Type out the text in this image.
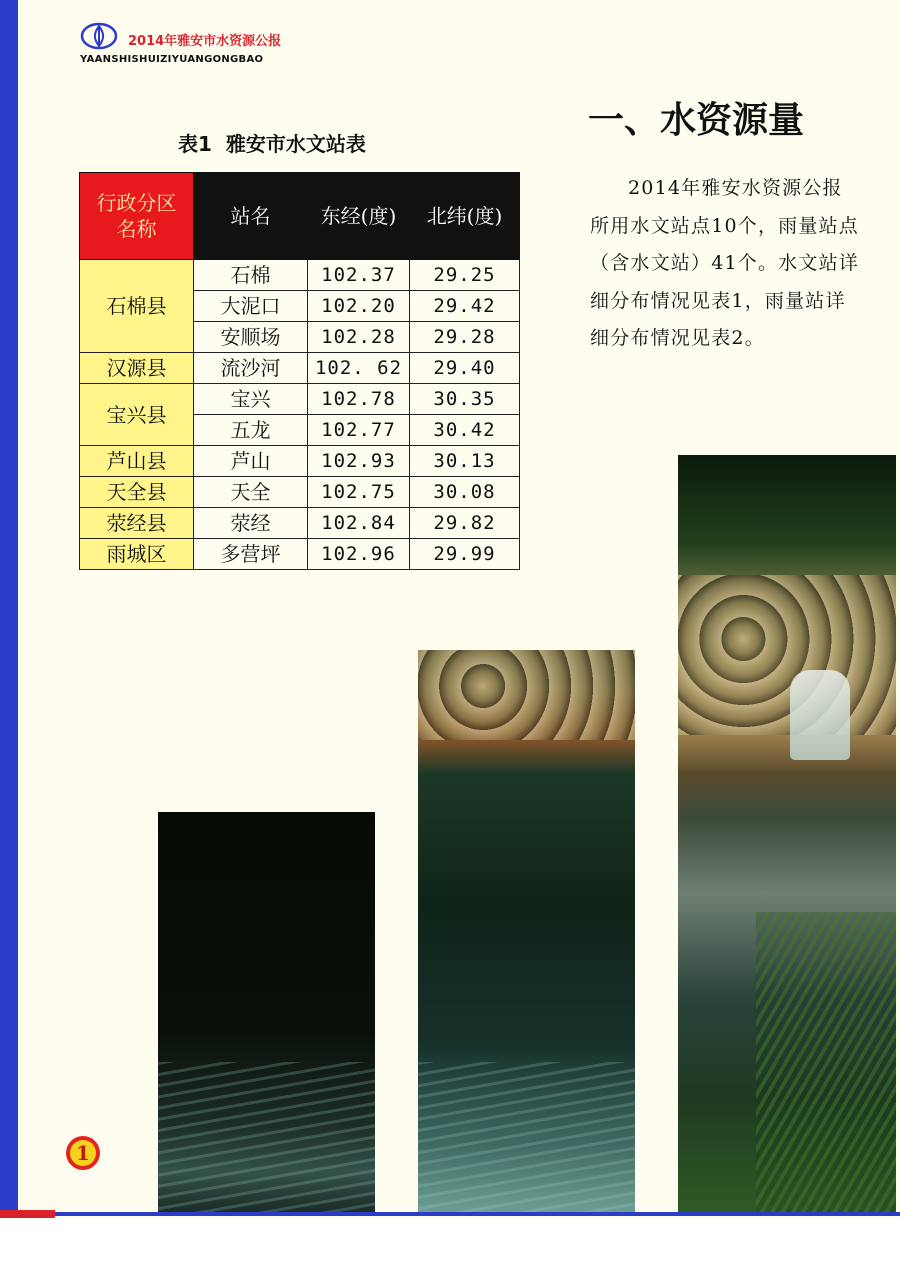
2014年雅安市水资源公报
YAANSHISHUIZIYUANGONGBAO
表1 雅安市水文站表
行政分区
名称	站名	东经(度)	北纬(度)
石棉县	石棉	102.37	29.25
	大泥口	102.20	29.42
	安顺场	102.28	29.28
汉源县	流沙河	102. 62	29.40
宝兴县	宝兴	102.78	30.35
	五龙	102.77	30.42
芦山县	芦山	102.93	30.13
天全县	天全	102.75	30.08
荥经县	荥经	102.84	29.82
雨城区	多营坪	102.96	29.99
一、水资源量

2014年雅安水资源公报所用水文站点10个，雨量站点（含水文站）41个。水文站详细分布情况见表1，雨量站详细分布情况见表2。

1
